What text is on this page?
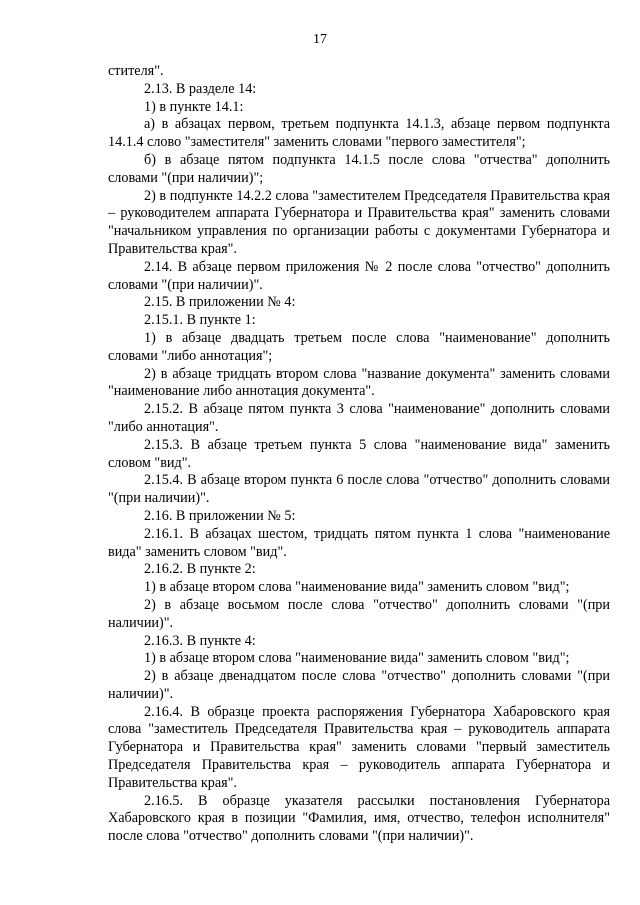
17

стителя".

2.13. В разделе 14:

1) в пункте 14.1:

а) в абзацах первом, третьем подпункта 14.1.3, абзаце первом подпункта 14.1.4 слово "заместителя" заменить словами "первого заместителя";

б) в абзаце пятом подпункта 14.1.5 после слова "отчества" дополнить словами "(при наличии)";

2) в подпункте 14.2.2 слова "заместителем Председателя Правительства края – руководителем аппарата Губернатора и Правительства края" заменить словами "начальником управления по организации работы с документами Губернатора и Правительства края".

2.14. В абзаце первом приложения № 2 после слова "отчество" дополнить словами "(при наличии)".

2.15. В приложении № 4:

2.15.1. В пункте 1:

1) в абзаце двадцать третьем после слова "наименование" дополнить словами "либо аннотация";

2) в абзаце тридцать втором слова "название документа" заменить словами "наименование либо аннотация документа".

2.15.2. В абзаце пятом пункта 3 слова "наименование" дополнить словами "либо аннотация".

2.15.3. В абзаце третьем пункта 5 слова "наименование вида" заменить словом "вид".

2.15.4. В абзаце втором пункта 6 после слова "отчество" дополнить словами "(при наличии)".

2.16. В приложении № 5:

2.16.1. В абзацах шестом, тридцать пятом пункта 1 слова "наименование вида" заменить словом "вид".

2.16.2. В пункте 2:

1) в абзаце втором слова "наименование вида" заменить словом "вид";

2) в абзаце восьмом после слова "отчество" дополнить словами "(при наличии)".

2.16.3. В пункте 4:

1) в абзаце втором слова "наименование вида" заменить словом "вид";

2) в абзаце двенадцатом после слова "отчество" дополнить словами "(при наличии)".

2.16.4. В образце проекта распоряжения Губернатора Хабаровского края слова "заместитель Председателя Правительства края – руководитель аппарата Губернатора и Правительства края" заменить словами "первый заместитель Председателя Правительства края – руководитель аппарата Губернатора и Правительства края".

2.16.5. В образце указателя рассылки постановления Губернатора Хабаровского края в позиции "Фамилия, имя, отчество, телефон исполнителя" после слова "отчество" дополнить словами "(при наличии)".
